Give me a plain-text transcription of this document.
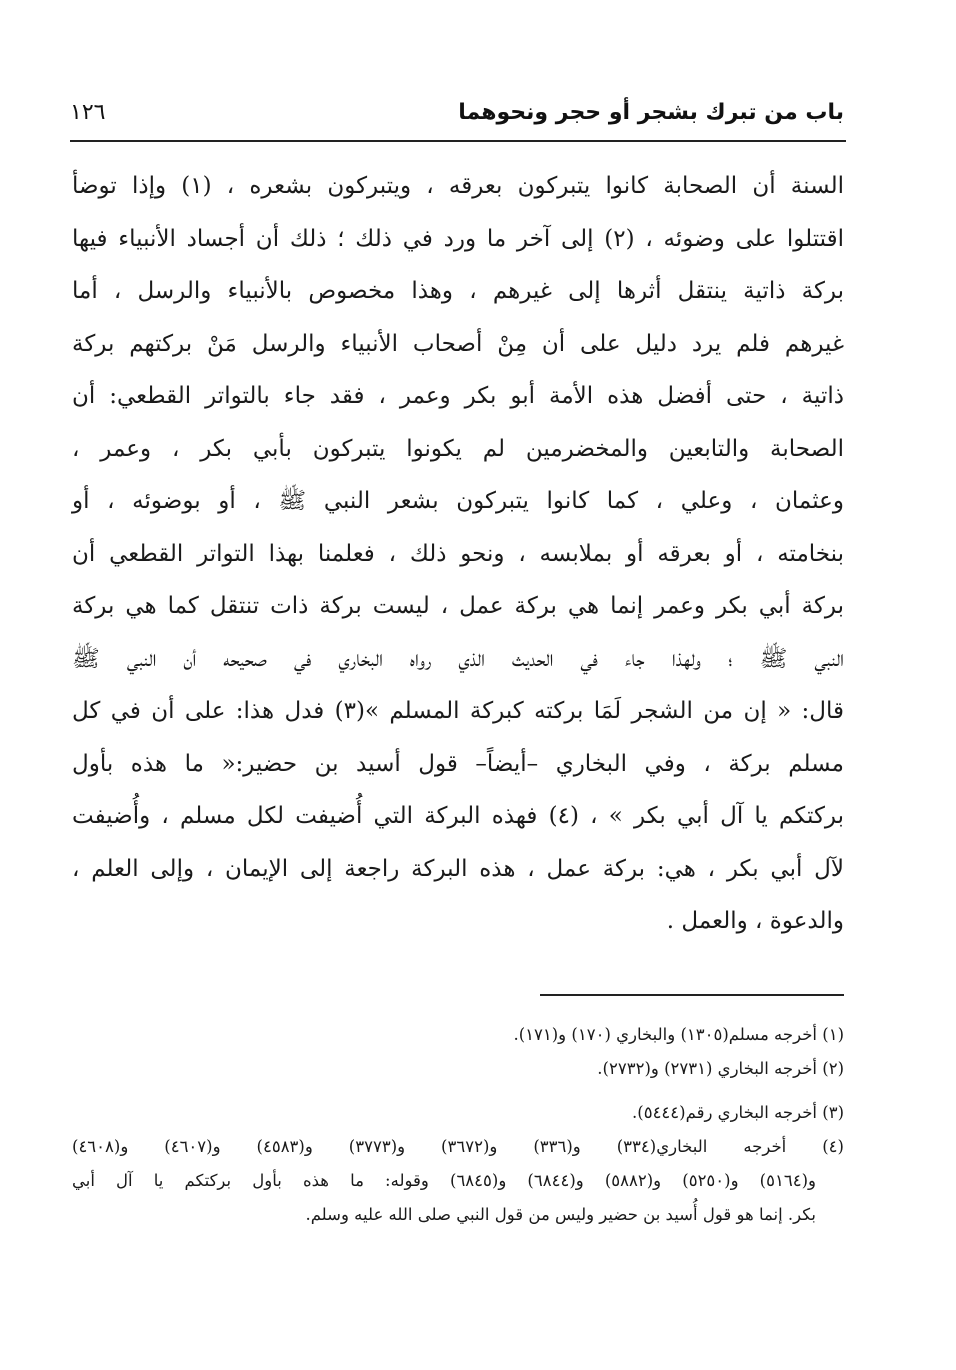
باب من تبرك بشجر أو حجر ونحوهما
١٢٦
السنة أن الصحابة كانوا يتبركون بعرقه ، ويتبركون بشعره ، (١) وإذا توضأ
اقتتلوا على وضوئه ، (٢) إلى آخر ما ورد في ذلك ؛ ذلك أن أجساد الأنبياء فيها
بركة ذاتية ينتقل أثرها إلى غيرهم ، وهذا مخصوص بالأنبياء والرسل ، أما
غيرهم فلم يرد دليل على أن مِنْ أصحاب الأنبياء والرسل مَنْ بركتهم بركة
ذاتية ، حتى أفضل هذه الأمة أبو بكر وعمر ، فقد جاء بالتواتر القطعي: أن
الصحابة والتابعين والمخضرمين لم يكونوا يتبركون بأبي بكر ، وعمر ،
وعثمان ، وعلي ، كما كانوا يتبركون بشعر النبي ﷺ ، أو بوضوئه ، أو
بنخامته ، أو بعرقه أو بملابسه ، ونحو ذلك ، فعلمنا بهذا التواتر القطعي أن
بركة أبي بكر وعمر إنما هي بركة عمل ، ليست بركة ذات تنتقل كما هي بركة
النبي ﷺ ؛ ولهذا جاء في الحديث الذي رواه البخاري في صحيحه أن النبي ﷺ
قال: « إن من الشجر لَمَا بركته كبركة المسلم »(٣) فدل هذا: على أن في كل
مسلم بركة ، وفي البخاري –أيضاً– قول أسيد بن حضير:« ما هذه بأول
بركتكم يا آل أبي بكر » ، (٤) فهذه البركة التي أُضيفت لكل مسلم ، وأُضيفت
لآل أبي بكر ، هي: بركة عمل ، هذه البركة راجعة إلى الإيمان ، وإلى العلم ،
والدعوة ، والعمل .
(١) أخرجه مسلم(١٣٠٥) والبخاري (١٧٠) و(١٧١).
(٢) أخرجه البخاري (٢٧٣١) و(٢٧٣٢).
(٣) أخرجه البخاري رقم(٥٤٤٤).
(٤) أخرجه البخاري(٣٣٤) و(٣٣٦) و(٣٦٧٢) و(٣٧٧٣) و(٤٥٨٣) و(٤٦٠٧) و(٤٦٠٨)
و(٥١٦٤) و(٥٢٥٠) و(٥٨٨٢) و(٦٨٤٤) و(٦٨٤٥) وقوله: ما هذه بأول بركتكم يا آل أبي
بكر. إنما هو قول أُسيد بن حضير وليس من قول النبي صلى الله عليه وسلم.
